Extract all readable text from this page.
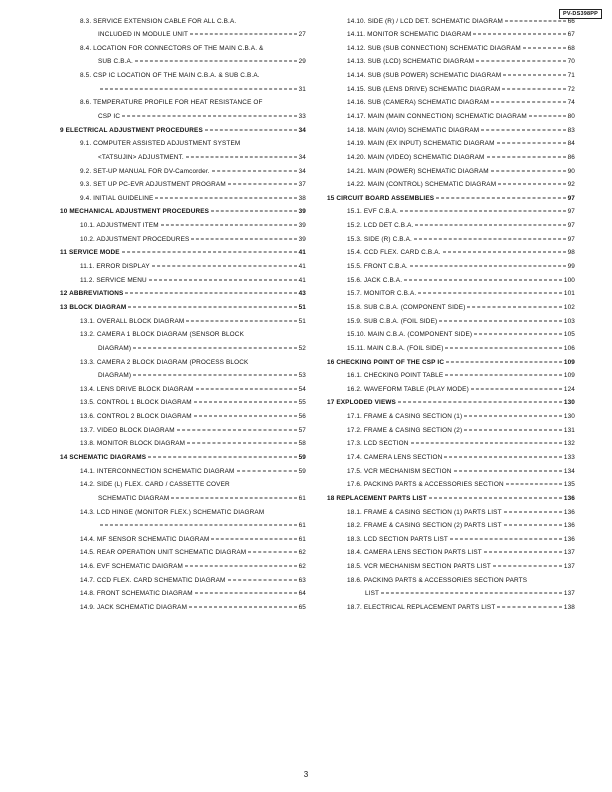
PV-DS398PP
8.3. SERVICE EXTENSION CABLE FOR ALL C.B.A.
INCLUDED IN MODULE UNIT	27
8.4. LOCATION FOR CONNECTORS OF THE MAIN C.B.A. &
SUB C.B.A.	29
8.5. CSP IC LOCATION OF THE MAIN C.B.A. & SUB C.B.A.
31
8.6. TEMPERATURE PROFILE FOR HEAT RESISTANCE OF
CSP IC	33
9 ELECTRICAL ADJUSTMENT PROCEDURES	34
9.1. COMPUTER ASSISTED ADJUSTMENT SYSTEM
<TATSUJIN> ADJUSTMENT.	34
9.2. SET-UP MANUAL FOR DV-Camcorder.	34
9.3. SET UP PC-EVR ADJUSTMENT PROGRAM	37
9.4. INITIAL GUIDELINE	38
10 MECHANICAL ADJUSTMENT PROCEDURES	39
10.1. ADJUSTMENT ITEM	39
10.2. ADJUSTMENT PROCEDURES	39
11 SERVICE MODE	41
11.1. ERROR DISPLAY	41
11.2. SERVICE MENU	41
12 ABBREVIATIONS	43
13 BLOCK DIAGRAM	51
13.1. OVERALL BLOCK DIAGRAM	51
13.2. CAMERA 1 BLOCK DIAGRAM (SENSOR BLOCK
DIAGRAM)	52
13.3. CAMERA 2 BLOCK DIAGRAM (PROCESS BLOCK
DIAGRAM)	53
13.4. LENS DRIVE BLOCK DIAGRAM	54
13.5. CONTROL 1 BLOCK DIAGRAM	55
13.6. CONTROL 2 BLOCK DIAGRAM	56
13.7. VIDEO BLOCK DIAGRAM	57
13.8. MONITOR BLOCK DIAGRAM	58
14 SCHEMATIC DIAGRAMS	59
14.1. INTERCONNECTION SCHEMATIC DIAGRAM	59
14.2. SIDE (L) FLEX. CARD / CASSETTE COVER
SCHEMATIC DIAGRAM	61
14.3. LCD HINGE (MONITOR FLEX.) SCHEMATIC DIAGRAM
61
14.4. MF SENSOR SCHEMATIC DIAGRAM	61
14.5. REAR OPERATION UNIT SCHEMATIC DIAGRAM	62
14.6. EVF SCHEMATIC DAIGRAM	62
14.7. CCD FLEX. CARD SCHEMATIC DIAGRAM	63
14.8. FRONT SCHEMATIC DIAGRAM	64
14.9. JACK SCHEMATIC DIAGRAM	65
14.10. SIDE (R) / LCD DET. SCHEMATIC DIAGRAM	66
14.11. MONITOR SCHEMATIC DIAGRAM	67
14.12. SUB (SUB CONNECTION) SCHEMATIC DIAGRAM	68
14.13. SUB (LCD) SCHEMATIC DIAGRAM	70
14.14. SUB (SUB POWER) SCHEMATIC DIAGRAM	71
14.15. SUB (LENS DRIVE) SCHEMATIC DIAGRAM	72
14.16. SUB (CAMERA) SCHEMATIC DIAGRAM	74
14.17. MAIN (MAIN CONNECTION) SCHEMATIC DIAGRAM	80
14.18. MAIN (AVIO) SCHEMATIC DIAGRAM	83
14.19. MAIN (EX INPUT) SCHEMATIC DIAGRAM	84
14.20. MAIN (VIDEO) SCHEMATIC DIAGRAM	86
14.21. MAIN (POWER) SCHEMATIC DIAGRAM	90
14.22. MAIN (CONTROL) SCHEMATIC DIAGRAM	92
15 CIRCUIT BOARD ASSEMBLIES	97
15.1. EVF C.B.A.	97
15.2. LCD DET C.B.A.	97
15.3. SIDE (R) C.B.A.	97
15.4. CCD FLEX. CARD C.B.A.	98
15.5. FRONT C.B.A.	99
15.6. JACK C.B.A.	100
15.7. MONITOR C.B.A.	101
15.8. SUB C.B.A. (COMPONENT SIDE)	102
15.9. SUB C.B.A. (FOIL SIDE)	103
15.10. MAIN C.B.A. (COMPONENT SIDE)	105
15.11. MAIN C.B.A. (FOIL SIDE)	106
16 CHECKING POINT OF THE CSP IC	109
16.1. CHECKING POINT TABLE	109
16.2. WAVEFORM TABLE (PLAY MODE)	124
17 EXPLODED VIEWS	130
17.1. FRAME & CASING SECTION (1)	130
17.2. FRAME & CASING SECTION (2)	131
17.3. LCD SECTION	132
17.4. CAMERA LENS SECTION	133
17.5. VCR MECHANISM SECTION	134
17.6. PACKING PARTS & ACCESSORIES SECTION	135
18 REPLACEMENT PARTS LIST	136
18.1. FRAME & CASING SECTION (1) PARTS LIST	136
18.2. FRAME & CASING SECTION (2) PARTS LIST	136
18.3. LCD SECTION PARTS LIST	136
18.4. CAMERA LENS SECTION PARTS LIST	137
18.5. VCR MECHANISM SECTION PARTS LIST	137
18.6. PACKING PARTS & ACCESSORIES SECTION PARTS
LIST	137
18.7. ELECTRICAL REPLACEMENT PARTS LIST	138
3
